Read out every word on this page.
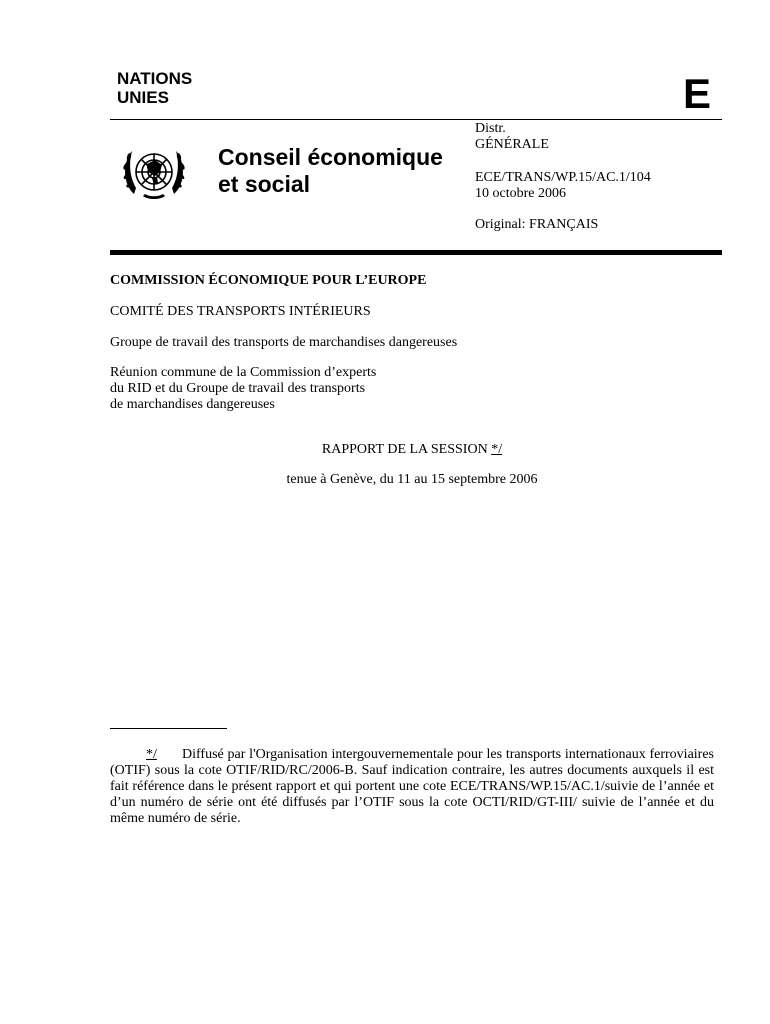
NATIONS
UNIES	E
Conseil économique
et social
Distr.
GÉNÉRALE
ECE/TRANS/WP.15/AC.1/104
10 octobre 2006
Original: FRANÇAIS
COMMISSION ÉCONOMIQUE POUR L’EUROPE
COMITÉ DES TRANSPORTS INTÉRIEURS
Groupe de travail des transports de marchandises dangereuses
Réunion commune de la Commission d’experts
du RID et du Groupe de travail des transports
de marchandises dangereuses
RAPPORT DE LA SESSION */
tenue à Genève, du 11 au 15 septembre 2006
*/ Diffusé par l'Organisation intergouvernementale pour les transports internationaux ferroviaires (OTIF) sous la cote OTIF/RID/RC/2006-B. Sauf indication contraire, les autres documents auxquels il est fait référence dans le présent rapport et qui portent une cote ECE/TRANS/WP.15/AC.1/suivie de l’année et d’un numéro de série ont été diffusés par l’OTIF sous la cote OCTI/RID/GT-III/ suivie de l’année et du même numéro de série.
